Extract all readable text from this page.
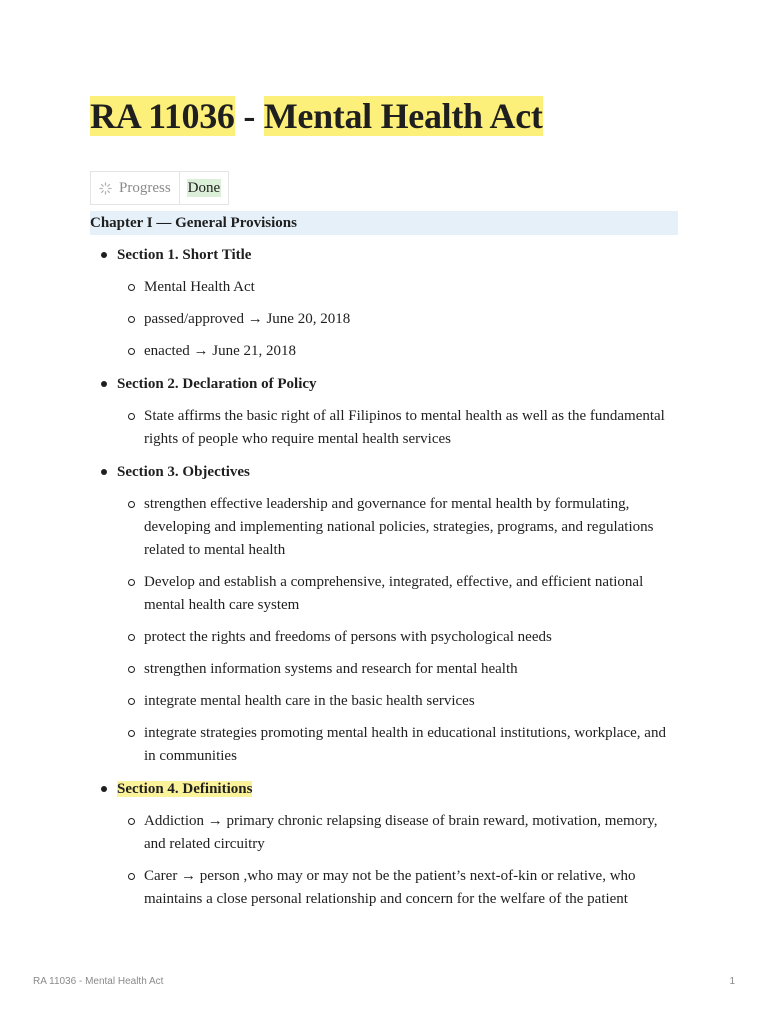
RA 11036 - Mental Health Act
Progress Done
Chapter I — General Provisions
Section 1. Short Title
Mental Health Act
passed/approved → June 20, 2018
enacted → June 21, 2018
Section 2. Declaration of Policy
State affirms the basic right of all Filipinos to mental health as well as the fundamental rights of people who require mental health services
Section 3. Objectives
strengthen effective leadership and governance for mental health by formulating, developing and implementing national policies, strategies, programs, and regulations related to mental health
Develop and establish a comprehensive, integrated, effective, and efficient national mental health care system
protect the rights and freedoms of persons with psychological needs
strengthen information systems and research for mental health
integrate mental health care in the basic health services
integrate strategies promoting mental health in educational institutions, workplace, and in communities
Section 4. Definitions
Addiction → primary chronic relapsing disease of brain reward, motivation, memory, and related circuitry
Carer → person ,who may or may not be the patient’s next-of-kin or relative, who maintains a close personal relationship and concern for the welfare of the patient
RA 11036 - Mental Health Act	1
